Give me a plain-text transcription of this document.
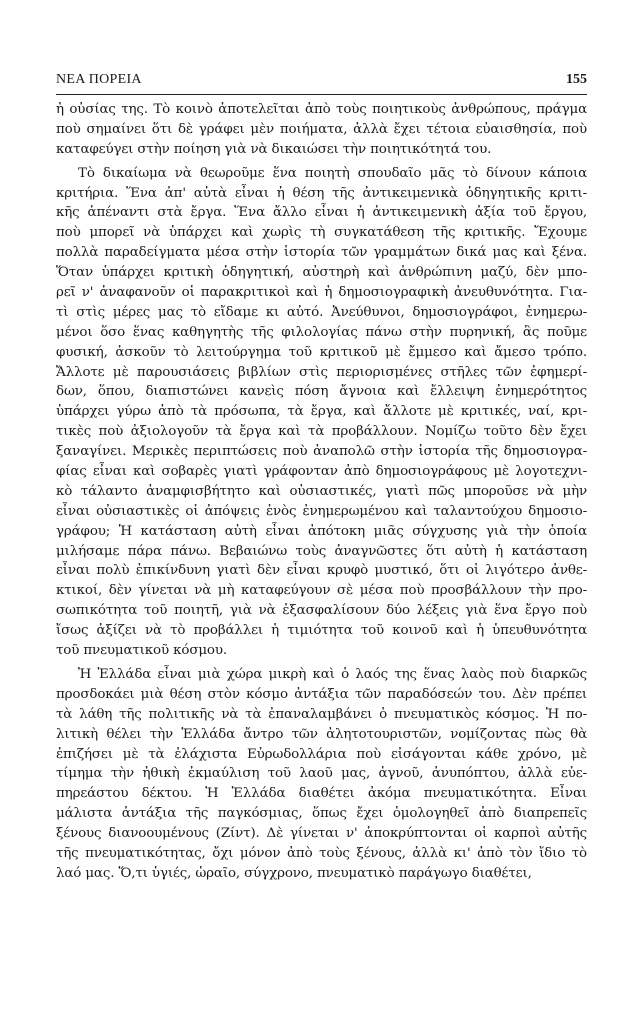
ΝΕΑ ΠΟΡΕΙΑ	155
ἡ οὐσίας της. Τὸ κοινὸ ἀποτελεῖται ἀπὸ τοὺς ποιητικοὺς ἀνθρώπους, πράγμα
ποὺ σημαίνει ὅτι δὲ γράφει μὲν ποιήματα, ἀλλὰ ἔχει τέτοια εὐαισθησία, ποὺ
καταφεύγει στὴν ποίηση γιὰ νὰ δικαιώσει τὴν ποιητικότητά του.
Τὸ δικαίωμα νὰ θεωροῦμε ἕνα ποιητὴ σπουδαῖο μᾶς τὸ δίνουν κάποια
κριτήρια. Ἕνα ἀπ' αὐτὰ εἶναι ἡ θέση τῆς ἀντικειμενικὰ ὁδηγητικῆς κριτι-
κῆς ἀπέναντι στὰ ἔργα. Ἕνα ἄλλο εἶναι ἡ ἀντικειμενικὴ ἀξία τοῦ ἔργου,
ποὺ μπορεῖ νὰ ὑπάρχει καὶ χωρὶς τὴ συγκατάθεση τῆς κριτικῆς. Ἔχουμε
πολλὰ παραδείγματα μέσα στὴν ἱστορία τῶν γραμμάτων δικά μας καὶ ξένα.
Ὅταν ὑπάρχει κριτικὴ ὁδηγητική, αὐστηρὴ καὶ ἀνθρώπινη μαζύ, δὲν μπο-
ρεῖ ν' ἀναφανοῦν οἱ παρακριτικοὶ καὶ ἡ δημοσιογραφικὴ ἀνευθυνότητα. Για-
τὶ στὶς μέρες μας τὸ εἴδαμε κι αὐτό. Ἀνεύθυνοι, δημοσιογράφοι, ἐνημερω-
μένοι ὅσο ἕνας καθηγητὴς τῆς φιλολογίας πάνω στὴν πυρηνική, ἂς ποῦμε
φυσική, ἀσκοῦν τὸ λειτούργημα τοῦ κριτικοῦ μὲ ἔμμεσο καὶ ἄμεσο τρόπο.
Ἄλλοτε μὲ παρουσιάσεις βιβλίων στὶς περιορισμένες στῆλες τῶν ἐφημερί-
δων, ὅπου, διαπιστώνει κανεὶς πόση ἄγνοια καὶ ἔλλειψη ἐνημερότητος
ὑπάρχει γύρω ἀπὸ τὰ πρόσωπα, τὰ ἔργα, καὶ ἄλλοτε μὲ κριτικές, ναί, κρι-
τικὲς ποὺ ἀξιολογοῦν τὰ ἔργα καὶ τὰ προβάλλουν. Νομίζω τοῦτο δὲν ἔχει
ξαναγίνει. Μερικὲς περιπτώσεις ποὺ ἀναπολῶ στὴν ἱστορία τῆς δημοσιογρα-
φίας εἶναι καὶ σοβαρὲς γιατὶ γράφονταν ἀπὸ δημοσιογράφους μὲ λογοτεχνι-
κὸ τάλαντο ἀναμφισβήτητο καὶ οὐσιαστικές, γιατὶ πῶς μποροῦσε νὰ μὴν
εἶναι οὐσιαστικὲς οἱ ἀπόψεις ἑνὸς ἐνημερωμένου καὶ ταλαντούχου δημοσιο-
γράφου; Ἡ κατάσταση αὐτὴ εἶναι ἀπότοκη μιᾶς σύγχυσης γιὰ τὴν ὁποία
μιλήσαμε πάρα πάνω. Βεβαιώνω τοὺς ἀναγνῶστες ὅτι αὐτὴ ἡ κατάσταση
εἶναι πολὺ ἐπικίνδυνη γιατὶ δὲν εἶναι κρυφὸ μυστικό, ὅτι οἱ λιγότερο ἀνθε-
κτικοί, δὲν γίνεται νὰ μὴ καταφεύγουν σὲ μέσα ποὺ προσβάλλουν τὴν προ-
σωπικότητα τοῦ ποιητῆ, γιὰ νὰ ἐξασφαλίσουν δύο λέξεις γιὰ ἕνα ἔργο ποὺ
ἴσως ἀξίζει νὰ τὸ προβάλλει ἡ τιμιότητα τοῦ κοινοῦ καὶ ἡ ὑπευθυνότητα
τοῦ πνευματικοῦ κόσμου.
Ἡ Ἑλλάδα εἶναι μιὰ χώρα μικρὴ καὶ ὁ λαός της ἕνας λαὸς ποὺ διαρκῶς
προσδοκάει μιὰ θέση στὸν κόσμο ἀντάξια τῶν παραδόσεών του. Δὲν πρέπει
τὰ λάθη τῆς πολιτικῆς νὰ τὰ ἐπαναλαμβάνει ὁ πνευματικὸς κόσμος. Ἡ πο-
λιτικὴ θέλει τὴν Ἑλλάδα ἄντρο τῶν ἀλητοτουριστῶν, νομίζοντας πὼς θὰ
ἐπιζήσει μὲ τὰ ἐλάχιστα Εὐρωδολλάρια ποὺ εἰσάγονται κάθε χρόνο, μὲ
τίμημα τὴν ἠθικὴ ἐκμαύλιση τοῦ λαοῦ μας, ἁγνοῦ, ἀνυπόπτου, ἀλλὰ εὐε-
πηρεάστου δέκτου. Ἡ Ἑλλάδα διαθέτει ἀκόμα πνευματικότητα. Εἶναι
μάλιστα ἀντάξια τῆς παγκόσμιας, ὅπως ἔχει ὁμολογηθεῖ ἀπὸ διαπρεπεῖς
ξένους διανοουμένους (Ζίντ). Δὲ γίνεται ν' ἀποκρύπτονται οἱ καρποὶ αὐτῆς
τῆς πνευματικότητας, ὄχι μόνον ἀπὸ τοὺς ξένους, ἀλλὰ κι' ἀπὸ τὸν ἴδιο τὸ
λαό μας. Ὅ,τι ὑγιές, ὡραῖο, σύγχρονο, πνευματικὸ παράγωγο διαθέτει,
